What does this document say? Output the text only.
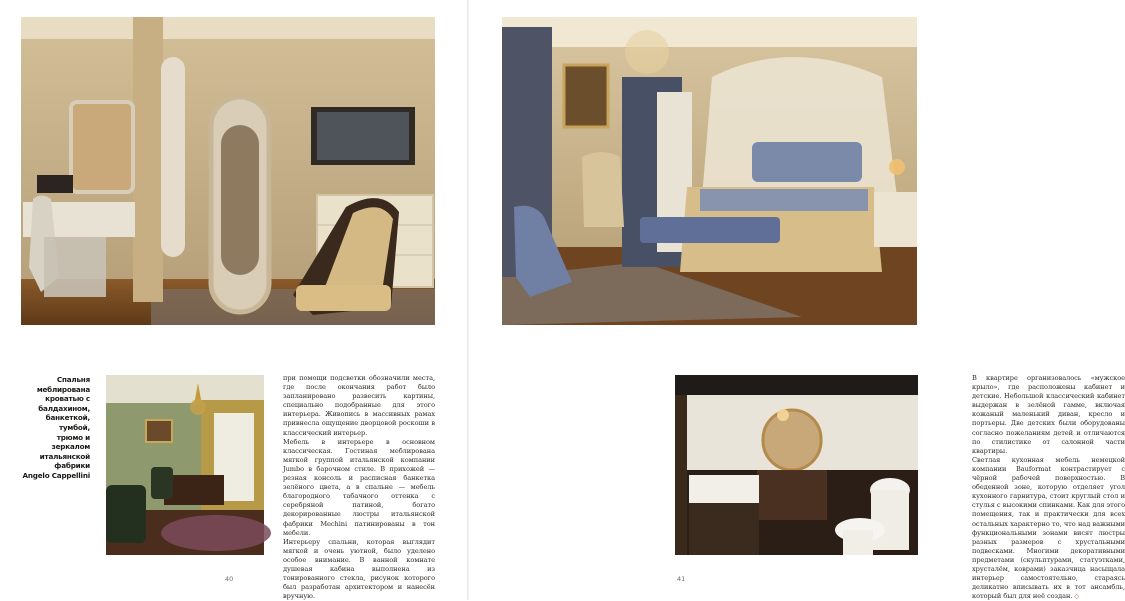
Спальня меблирована
кроватью с балдахином,
банкеткой, тумбой,
трюмо и зеркалом
итальянской фабрики
Angelo Cappellini

при помощи подсветки обозначили места, где после окончания работ было запланировано развесить картины, специально подобранные для этого интерьера. Живопись в массивных рамах привнесла ощущение дворцовой роскоши в классический интерьер.

Мебель в интерьере в основном классическая. Гостиная меблирована мягкой группой итальянской компании Jumbo в барочном стиле. В прихожей — резная консоль и расписная банкетка зелёного цвета, а в спальне — мебель благородного табачного оттенка с серебряной патиной, богато декорированные люстры итальянской фабрики Mechini патинированы в тон мебели.

Интерьеру спальни, которая выглядит мягкой и очень уютной, было уделено особое внимание. В ванной комнате душевая кабина выполнена из тонированного стекла, рисунок которого был разработан архитектором и нанесён вручную.

40

В квартире организовалось «мужское крыло», где расположены кабинет и детские. Небольшой классический кабинет выдержан в зелёной гамме, включая кожаный маленький диван, кресло и портьеры. Две детских были оборудованы согласно пожеланиям детей и отличаются по стилистике от салонной части квартиры.

Светлая кухонная мебель немецкой компании Bauformat контрастирует с чёрной рабочей поверхностью. В обеденной зоне, которую отделяет угол кухонного гарнитура, стоит круглый стол и стулья с высокими спинками. Как для этого помещения, так и практически для всех остальных характерно то, что над важными функциональными зонами висят люстры разных размеров с хрустальными подвесками. Многими декоративными предметами (скульптурами, статуэтками, хрусталём, коврами) заказчица насыщала интерьер самостоятельно, стараясь деликатно вписывать их в тот ансамбль, который был для неё создан. ◇

41
